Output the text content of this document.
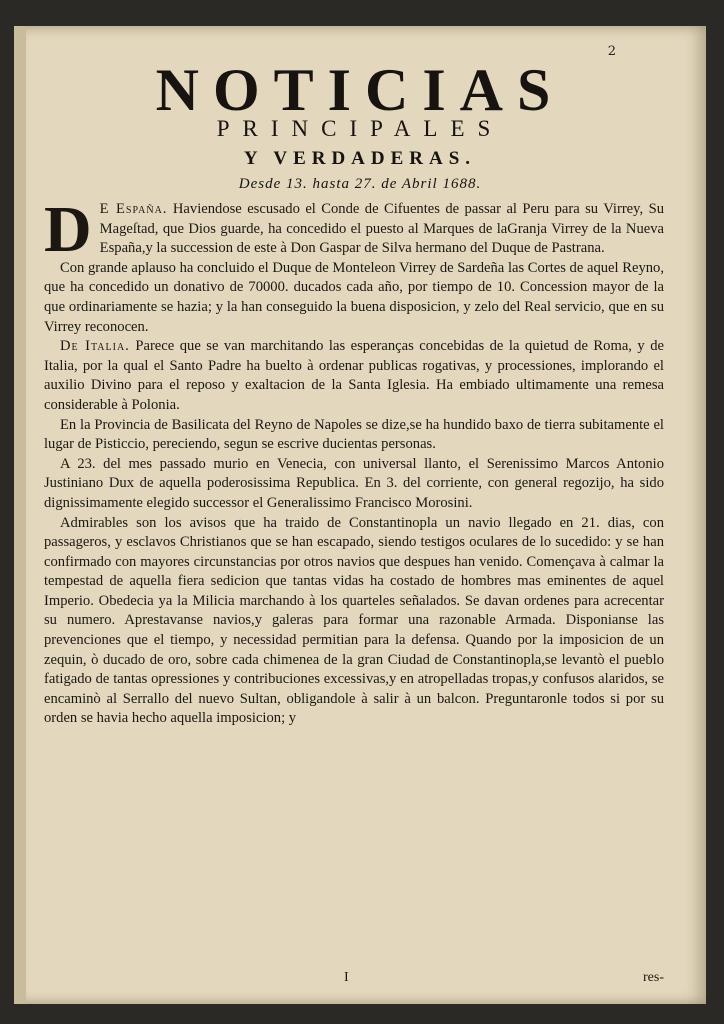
2
NOTICIAS
PRINCIPALES
Y VERDADERAS.
Desde 13. hasta 27. de Abril 1688.

D E España. Haviendose escusado el Conde de Cifuentes de passar al Peru para su Virrey, Su Mageſtad, que Dios guarde, ha concedido el puesto al Marques de laGranja Virrey de la Nueva España,y la succession de este à Don Gaspar de Silva hermano del Duque de Pastrana.

Con grande aplauso ha concluido el Duque de Monteleon Virrey de Sardeña las Cortes de aquel Reyno, que ha concedido un donativo de 70000. ducados cada año, por tiempo de 10. Concession mayor de la que ordinariamente se hazia; y la han conseguido la buena disposicion, y zelo del Real servicio, que en su Virrey reconocen.

De Italia. Parece que se van marchitando las esperanças concebidas de la quietud de Roma, y de Italia, por la qual el Santo Padre ha buelto à ordenar publicas rogativas, y processiones, implorando el auxilio Divino para el reposo y exaltacion de la Santa Iglesia. Ha embiado ultimamente una remesa considerable à Polonia.

En la Provincia de Basilicata del Reyno de Napoles se dize,se ha hundido baxo de tierra subitamente el lugar de Pisticcio, pereciendo, segun se escrive ducientas personas.

A 23. del mes passado murio en Venecia, con universal llanto, el Serenissimo Marcos Antonio Justiniano Dux de aquella poderosissima Republica. En 3. del corriente, con general regozijo, ha sido dignissimamente elegido successor el Generalissimo Francisco Morosini.

Admirables son los avisos que ha traido de Constantinopla un navio llegado en 21. dias, con passageros, y esclavos Christianos que se han escapado, siendo testigos oculares de lo sucedido: y se han confirmado con mayores circunstancias por otros navios que despues han venido. Començava à calmar la tempestad de aquella fiera sedicion que tantas vidas ha costado de hombres mas eminentes de aquel Imperio. Obedecia ya la Milicia marchando à los quarteles señalados. Se davan ordenes para acrecentar su numero. Aprestavanse navios,y galeras para formar una razonable Armada. Disponianse las prevenciones que el tiempo, y necessidad permitian para la defensa. Quando por la imposicion de un zequin, ò ducado de oro, sobre cada chimenea de la gran Ciudad de Constantinopla,se levantò el pueblo fatigado de tantas opressiones y contribuciones excessivas,y en atropelladas tropas,y confusos alaridos, se encaminò al Serrallo del nuevo Sultan, obligandole à salir à un balcon. Preguntaronle todos si por su orden se havia hecho aquella imposicion; y

I	res-
